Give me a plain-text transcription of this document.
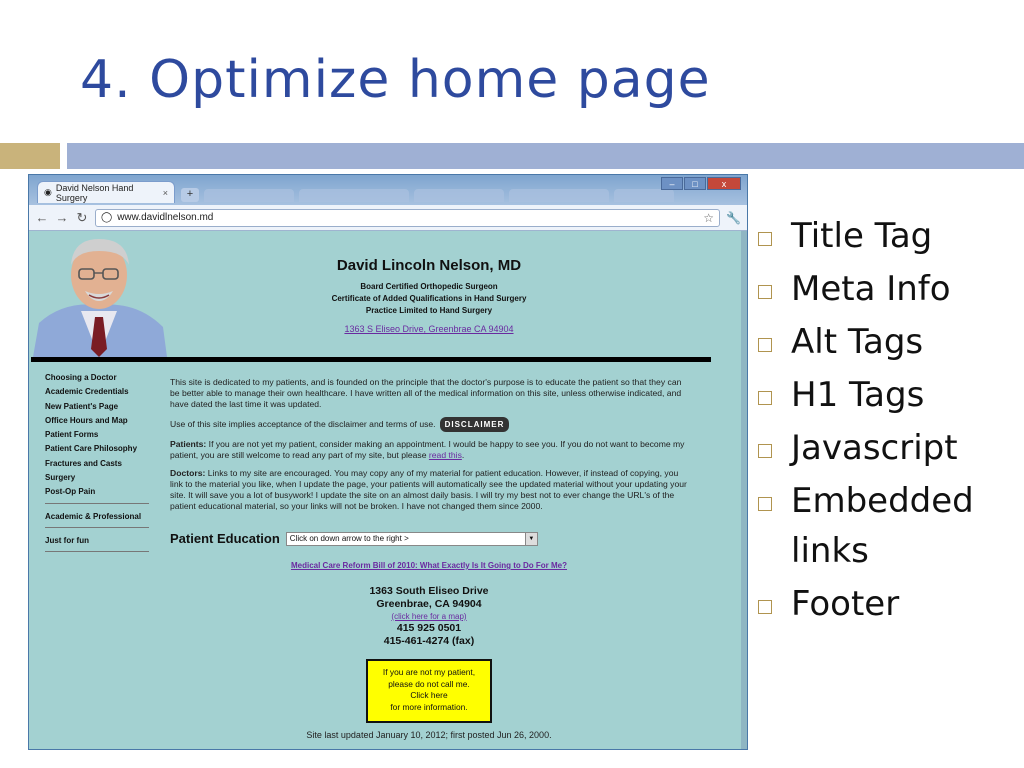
4. Optimize home page
◉ David Nelson Hand Surgery	×	+
–	□	x
← → ↻ ◯ www.davidlnelson.md	☆ 🔧
David Lincoln Nelson, MD
Board Certified Orthopedic Surgeon
Certificate of Added Qualifications in Hand Surgery
Practice Limited to Hand Surgery
1363 S Eliseo Drive, Greenbrae CA 94904
Choosing a Doctor
Academic Credentials
New Patient's Page
Office Hours and Map
Patient Forms
Patient Care Philosophy
Fractures and Casts
Surgery
Post-Op Pain
Academic & Professional
Just for fun

This site is dedicated to my patients, and is founded on the principle that the doctor's purpose is to educate the patient so that they can be better able to manage their own healthcare. I have written all of the medical information on this site, unless otherwise indicated, and have dated the last time it was updated.

Use of this site implies acceptance of the disclaimer and terms of use. DISCLAIMER

Patients: If you are not yet my patient, consider making an appointment. I would be happy to see you. If you do not want to become my patient, you are still welcome to read any part of my site, but please read this.

Doctors: Links to my site are encouraged. You may copy any of my material for patient education. However, if instead of copying, you link to the material you like, when I update the page, your patients will automatically see the updated material without your updating your site. It will save you a lot of busywork! I update the site on an almost daily basis. I will try my best not to ever change the URL's of the patient educational material, so your links will not be broken. I have not changed them since 2000.

Patient Education Click on down arrow to the right >	▼
Medical Care Reform Bill of 2010: What Exactly Is It Going to Do For Me?
1363 South Eliseo Drive
Greenbrae, CA 94904
(click here for a map)
415 925 0501
415-461-4274 (fax)
If you are not my patient,
please do not call me.
Click here
for more information.
Site last updated January 10, 2012; first posted Jun 26, 2000.
Title Tag
Meta Info
Alt Tags
H1 Tags
Javascript
Embedded links
Footer
